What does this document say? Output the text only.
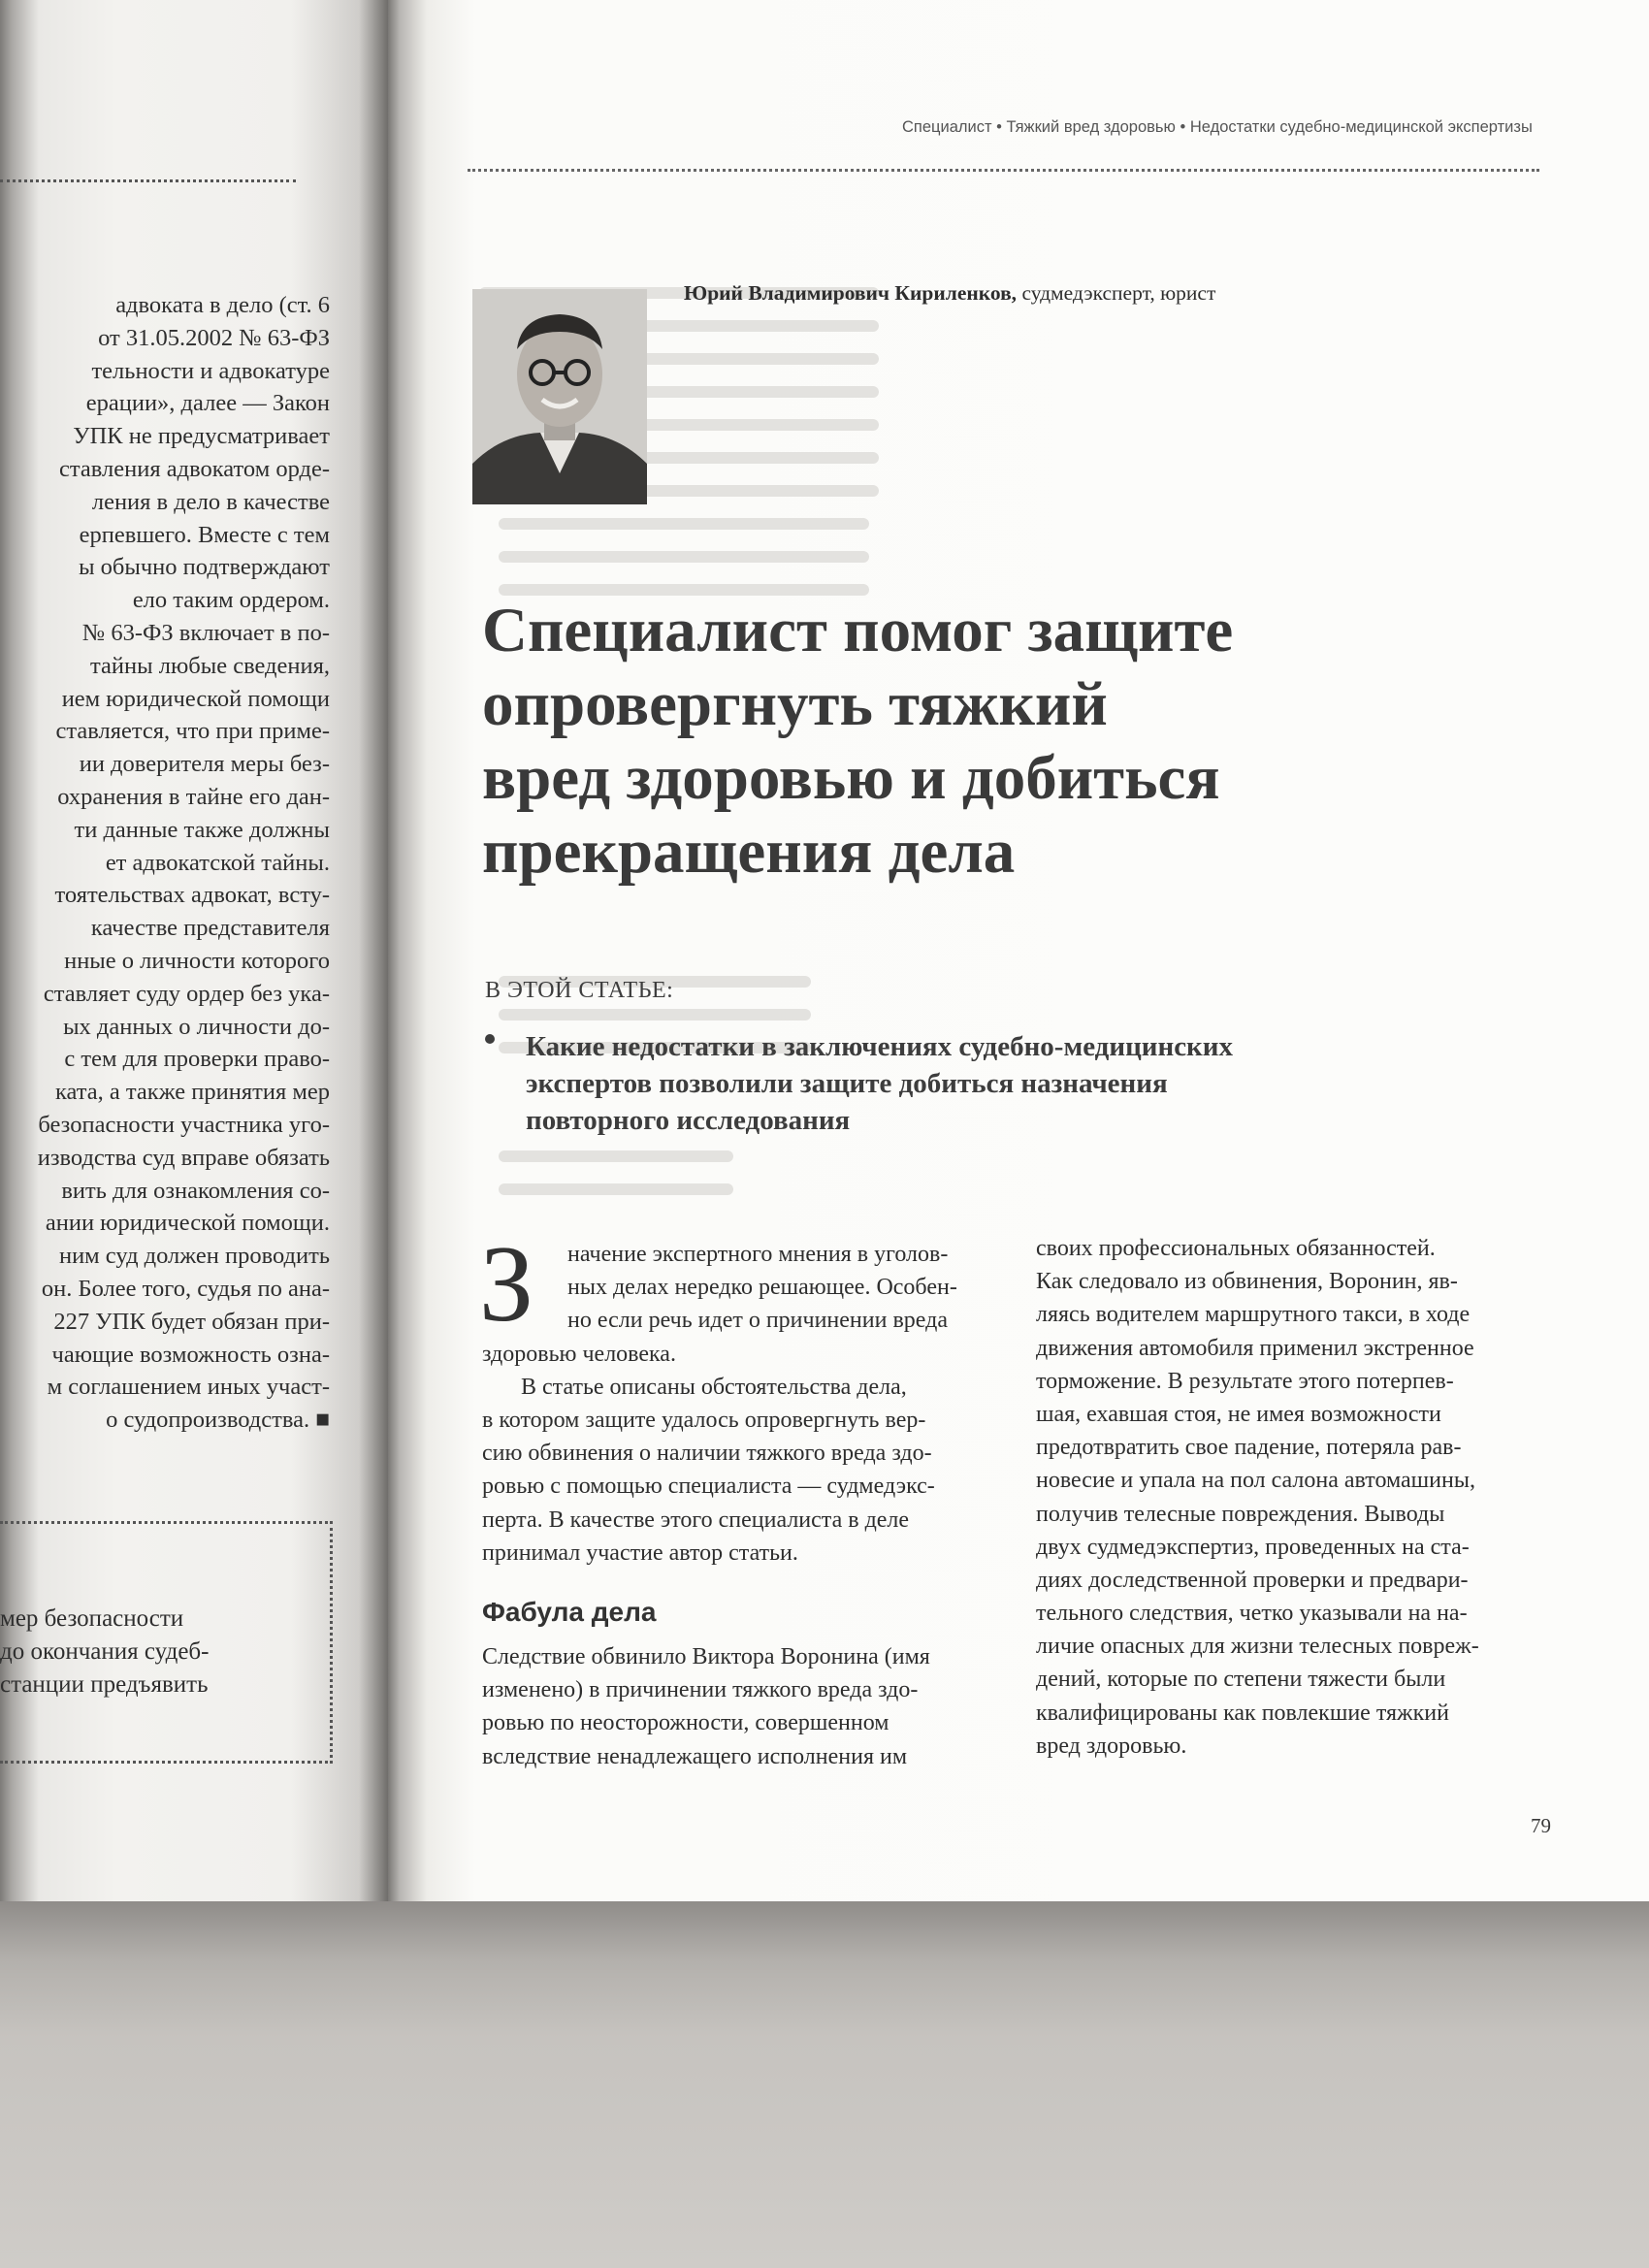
адвоката в дело (ст. 6
от 31.05.2002 № 63-ФЗ
тельности и адвокатуре
ерации», далее — Закон
УПК не предусматривает
ставления адвокатом орде-
ления в дело в качестве
ерпевшего. Вместе с тем
ы обычно подтверждают
ело таким ордером.
№ 63-ФЗ включает в по-
тайны любые сведения,
ием юридической помощи
ставляется, что при приме-
ии доверителя меры без-
охранения в тайне его дан-
ти данные также должны
ет адвокатской тайны.
тоятельствах адвокат, всту-
качестве представителя
нные о личности которого
ставляет суду ордер без ука-
ых данных о личности до-
с тем для проверки право-
ката, а также принятия мер
безопасности участника уго-
изводства суд вправе обязать
вить для ознакомления со-
ании юридической помощи.
ним суд должен проводить
он. Более того, судья по ана-
227 УПК будет обязан при-
чающие возможность озна-
м соглашением иных участ-
о судопроизводства. ■
мер безопасности
до окончания судеб-
станции предъявить
Специалист • Тяжкий вред здоровью • Недостатки судебно-медицинской экспертизы
Юрий Владимирович Кириленков, судмедэксперт, юрист
Специалист помог защите
опровергнуть тяжкий
вред здоровью и добиться
прекращения дела
В ЭТОЙ СТАТЬЕ:
Какие недостатки в заключениях судебно-медицинских
экспертов позволили защите добиться назначения
повторного исследования
З	начение экспертного мнения в уголов-
ных делах нередко решающее. Особен-
но если речь идет о причинении вреда
здоровью человека.
В статье описаны обстоятельства дела,
в котором защите удалось опровергнуть вер-
сию обвинения о наличии тяжкого вреда здо-
ровью с помощью специалиста — судмедэкс-
перта. В качестве этого специалиста в деле
принимал участие автор статьи.
Фабула дела
Следствие обвинило Виктора Воронина (имя
изменено) в причинении тяжкого вреда здо-
ровью по неосторожности, совершенном
вследствие ненадлежащего исполнения им
своих профессиональных обязанностей.
Как следовало из обвинения, Воронин, яв-
ляясь водителем маршрутного такси, в ходе
движения автомобиля применил экстренное
торможение. В результате этого потерпев-
шая, ехавшая стоя, не имея возможности
предотвратить свое падение, потеряла рав-
новесие и упала на пол салона автомашины,
получив телесные повреждения. Выводы
двух судмедэкспертиз, проведенных на ста-
диях доследственной проверки и предвари-
тельного следствия, четко указывали на на-
личие опасных для жизни телесных повреж-
дений, которые по степени тяжести были
квалифицированы как повлекшие тяжкий
вред здоровью.
79
